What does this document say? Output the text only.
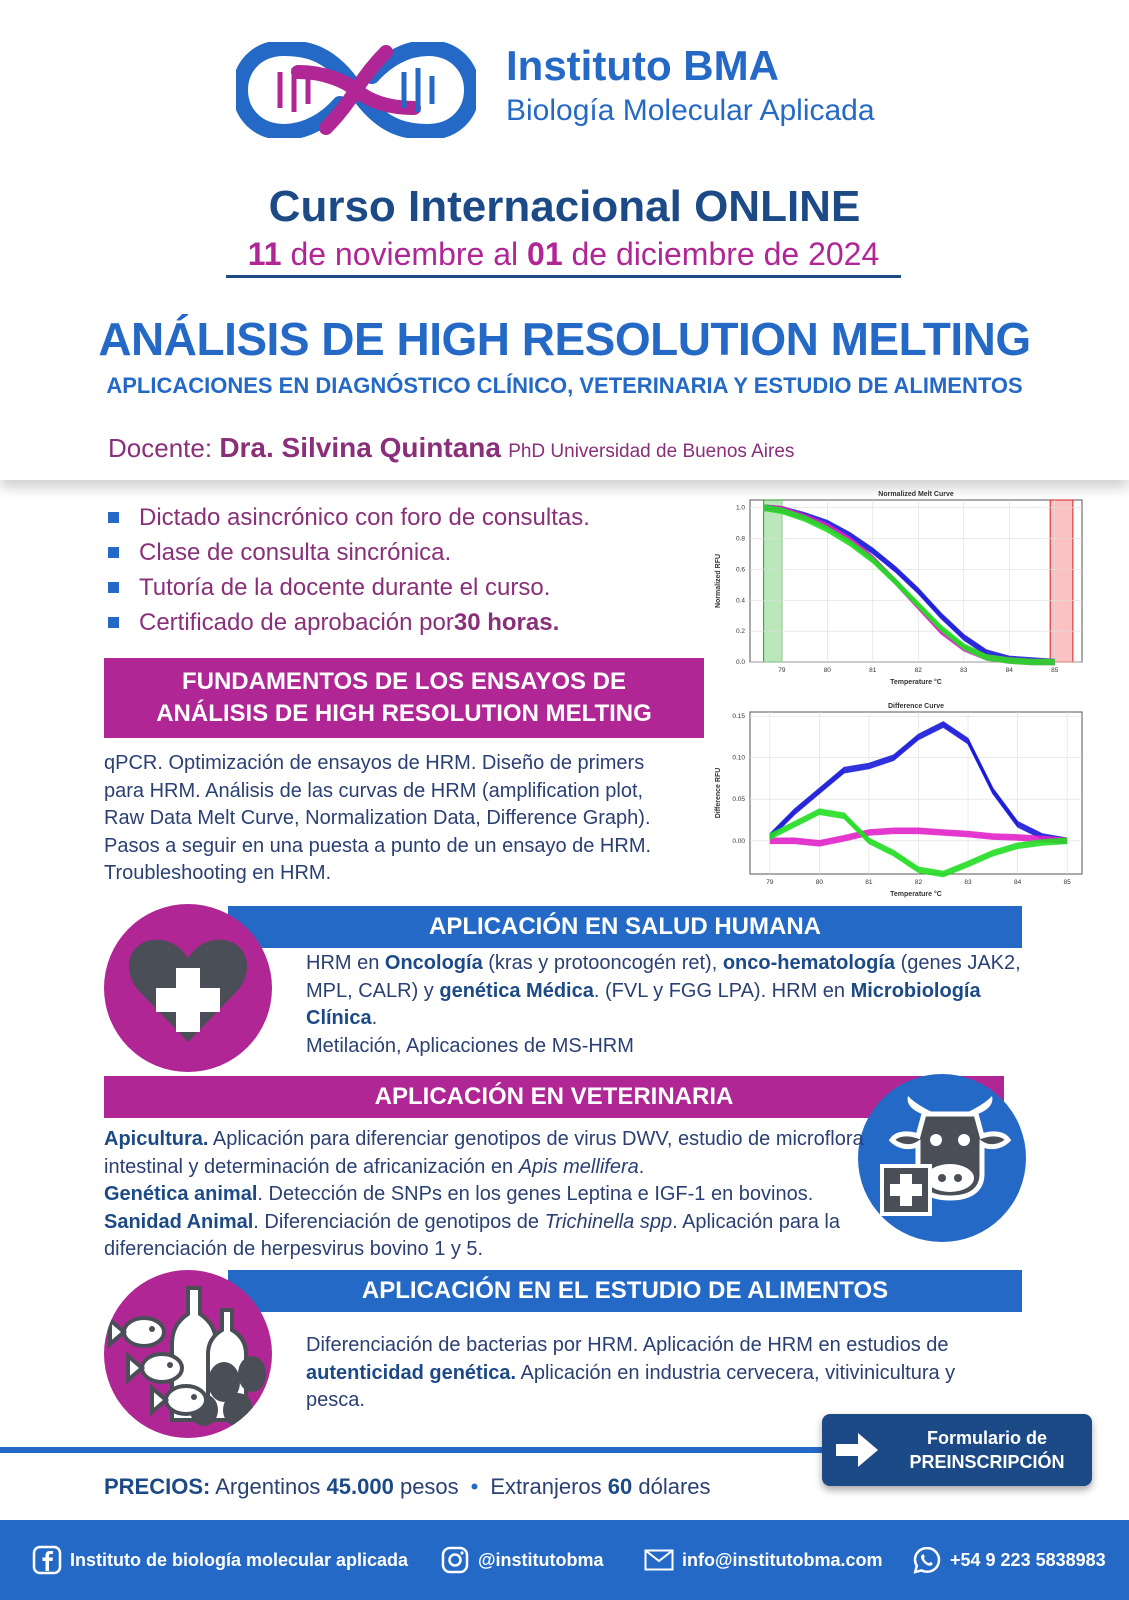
Instituto BMA
Biología Molecular Aplicada
Curso Internacional ONLINE
11 de noviembre al 01 de diciembre de 2024
ANÁLISIS DE HIGH RESOLUTION MELTING
APLICACIONES EN DIAGNÓSTICO CLÍNICO, VETERINARIA Y ESTUDIO DE ALIMENTOS
Docente: Dra. Silvina Quintana PhD Universidad de Buenos Aires
Dictado asincrónico con foro de consultas.
Clase de consulta sincrónica.
Tutoría de la docente durante el curso.
Certificado de aprobación por 30 horas.
Normalized Melt Curve
79	80	81	82	83	84	85
0.0
0.2
0.4
0.6
0.8
1.0
Temperature °C
Normalized RFU
Difference Curve
79	80	81	82	83	84	85
0.00
0.05
0.10
0.15
Temperature °C
Difference RFU
FUNDAMENTOS DE LOS ENSAYOS DE
ANÁLISIS DE HIGH RESOLUTION MELTING
qPCR. Optimización de ensayos de HRM. Diseño de primers para HRM. Análisis de las curvas de HRM (amplification plot, Raw Data Melt Curve, Normalization Data, Difference Graph). Pasos a seguir en una puesta a punto de un ensayo de HRM. Troubleshooting en HRM.
APLICACIÓN EN SALUD HUMANA
HRM en Oncología (kras y protooncogén ret), onco-hematología (genes JAK2, MPL, CALR) y genética Médica. (FVL y FGG LPA). HRM en Microbiología Clínica.
Metilación, Aplicaciones de MS-HRM
APLICACIÓN EN VETERINARIA
Apicultura. Aplicación para diferenciar genotipos de virus DWV, estudio de microflora intestinal y determinación de africanización en Apis mellifera.
Genética animal. Detección de SNPs en los genes Leptina e IGF-1 en bovinos.
Sanidad Animal. Diferenciación de genotipos de Trichinella spp. Aplicación para la diferenciación de herpesvirus bovino 1 y 5.
APLICACIÓN EN EL ESTUDIO DE ALIMENTOS
Diferenciación de bacterias por HRM. Aplicación de HRM en estudios de autenticidad genética. Aplicación en industria cervecera, vitivinicultura y pesca.
Formulario de
PREINSCRIPCIÓN
PRECIOS: Argentinos 45.000 pesos • Extranjeros 60 dólares
Instituto de biología molecular aplicada	@institutobma	info@institutobma.com	+54 9 223 5838983
